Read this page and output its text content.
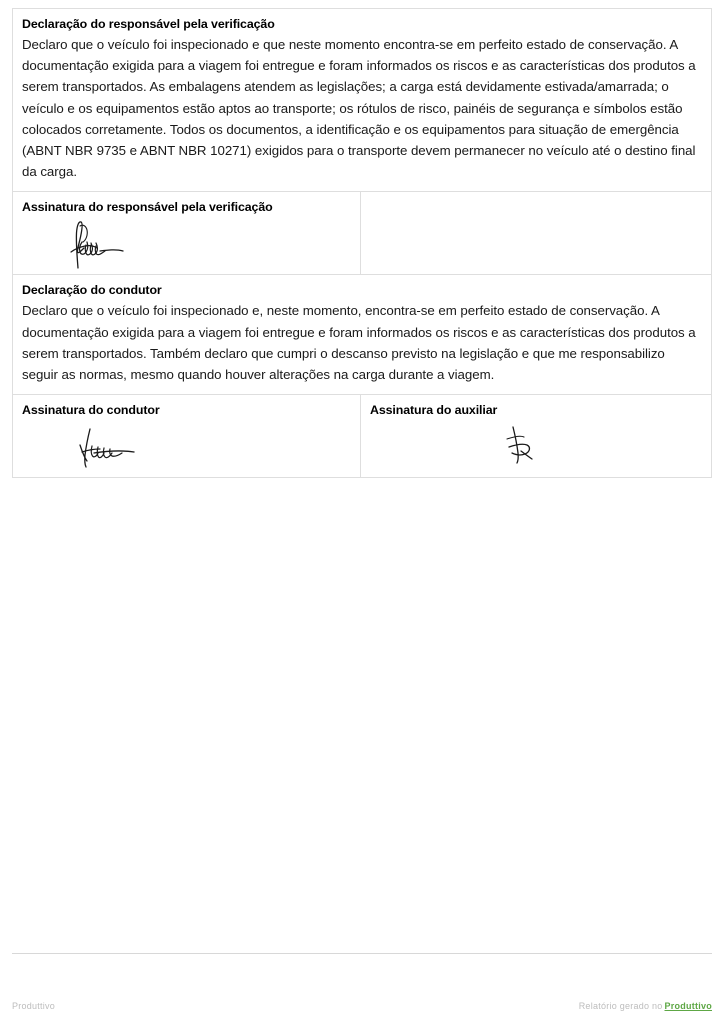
Declaração do responsável pela verificação
Declaro que o veículo foi inspecionado e que neste momento encontra-se em perfeito estado de conservação. A documentação exigida para a viagem foi entregue e foram informados os riscos e as características dos produtos a serem transportados. As embalagens atendem as legislações; a carga está devidamente estivada/amarrada; o veículo e os equipamentos estão aptos ao transporte; os rótulos de risco, painéis de segurança e símbolos estão colocados corretamente. Todos os documentos, a identificação e os equipamentos para situação de emergência (ABNT NBR 9735 e ABNT NBR 10271) exigidos para o transporte devem permanecer no veículo até o destino final da carga.
Assinatura do responsável pela verificação
Declaração do condutor
Declaro que o veículo foi inspecionado e, neste momento, encontra-se em perfeito estado de conservação. A documentação exigida para a viagem foi entregue e foram informados os riscos e as características dos produtos a serem transportados. Também declaro que cumpri o descanso previsto na legislação e que me responsabilizo seguir as normas, mesmo quando houver alterações na carga durante a viagem.
Assinatura do condutor	Assinatura do auxiliar
Produttivo	Relatório gerado no Produttivo
